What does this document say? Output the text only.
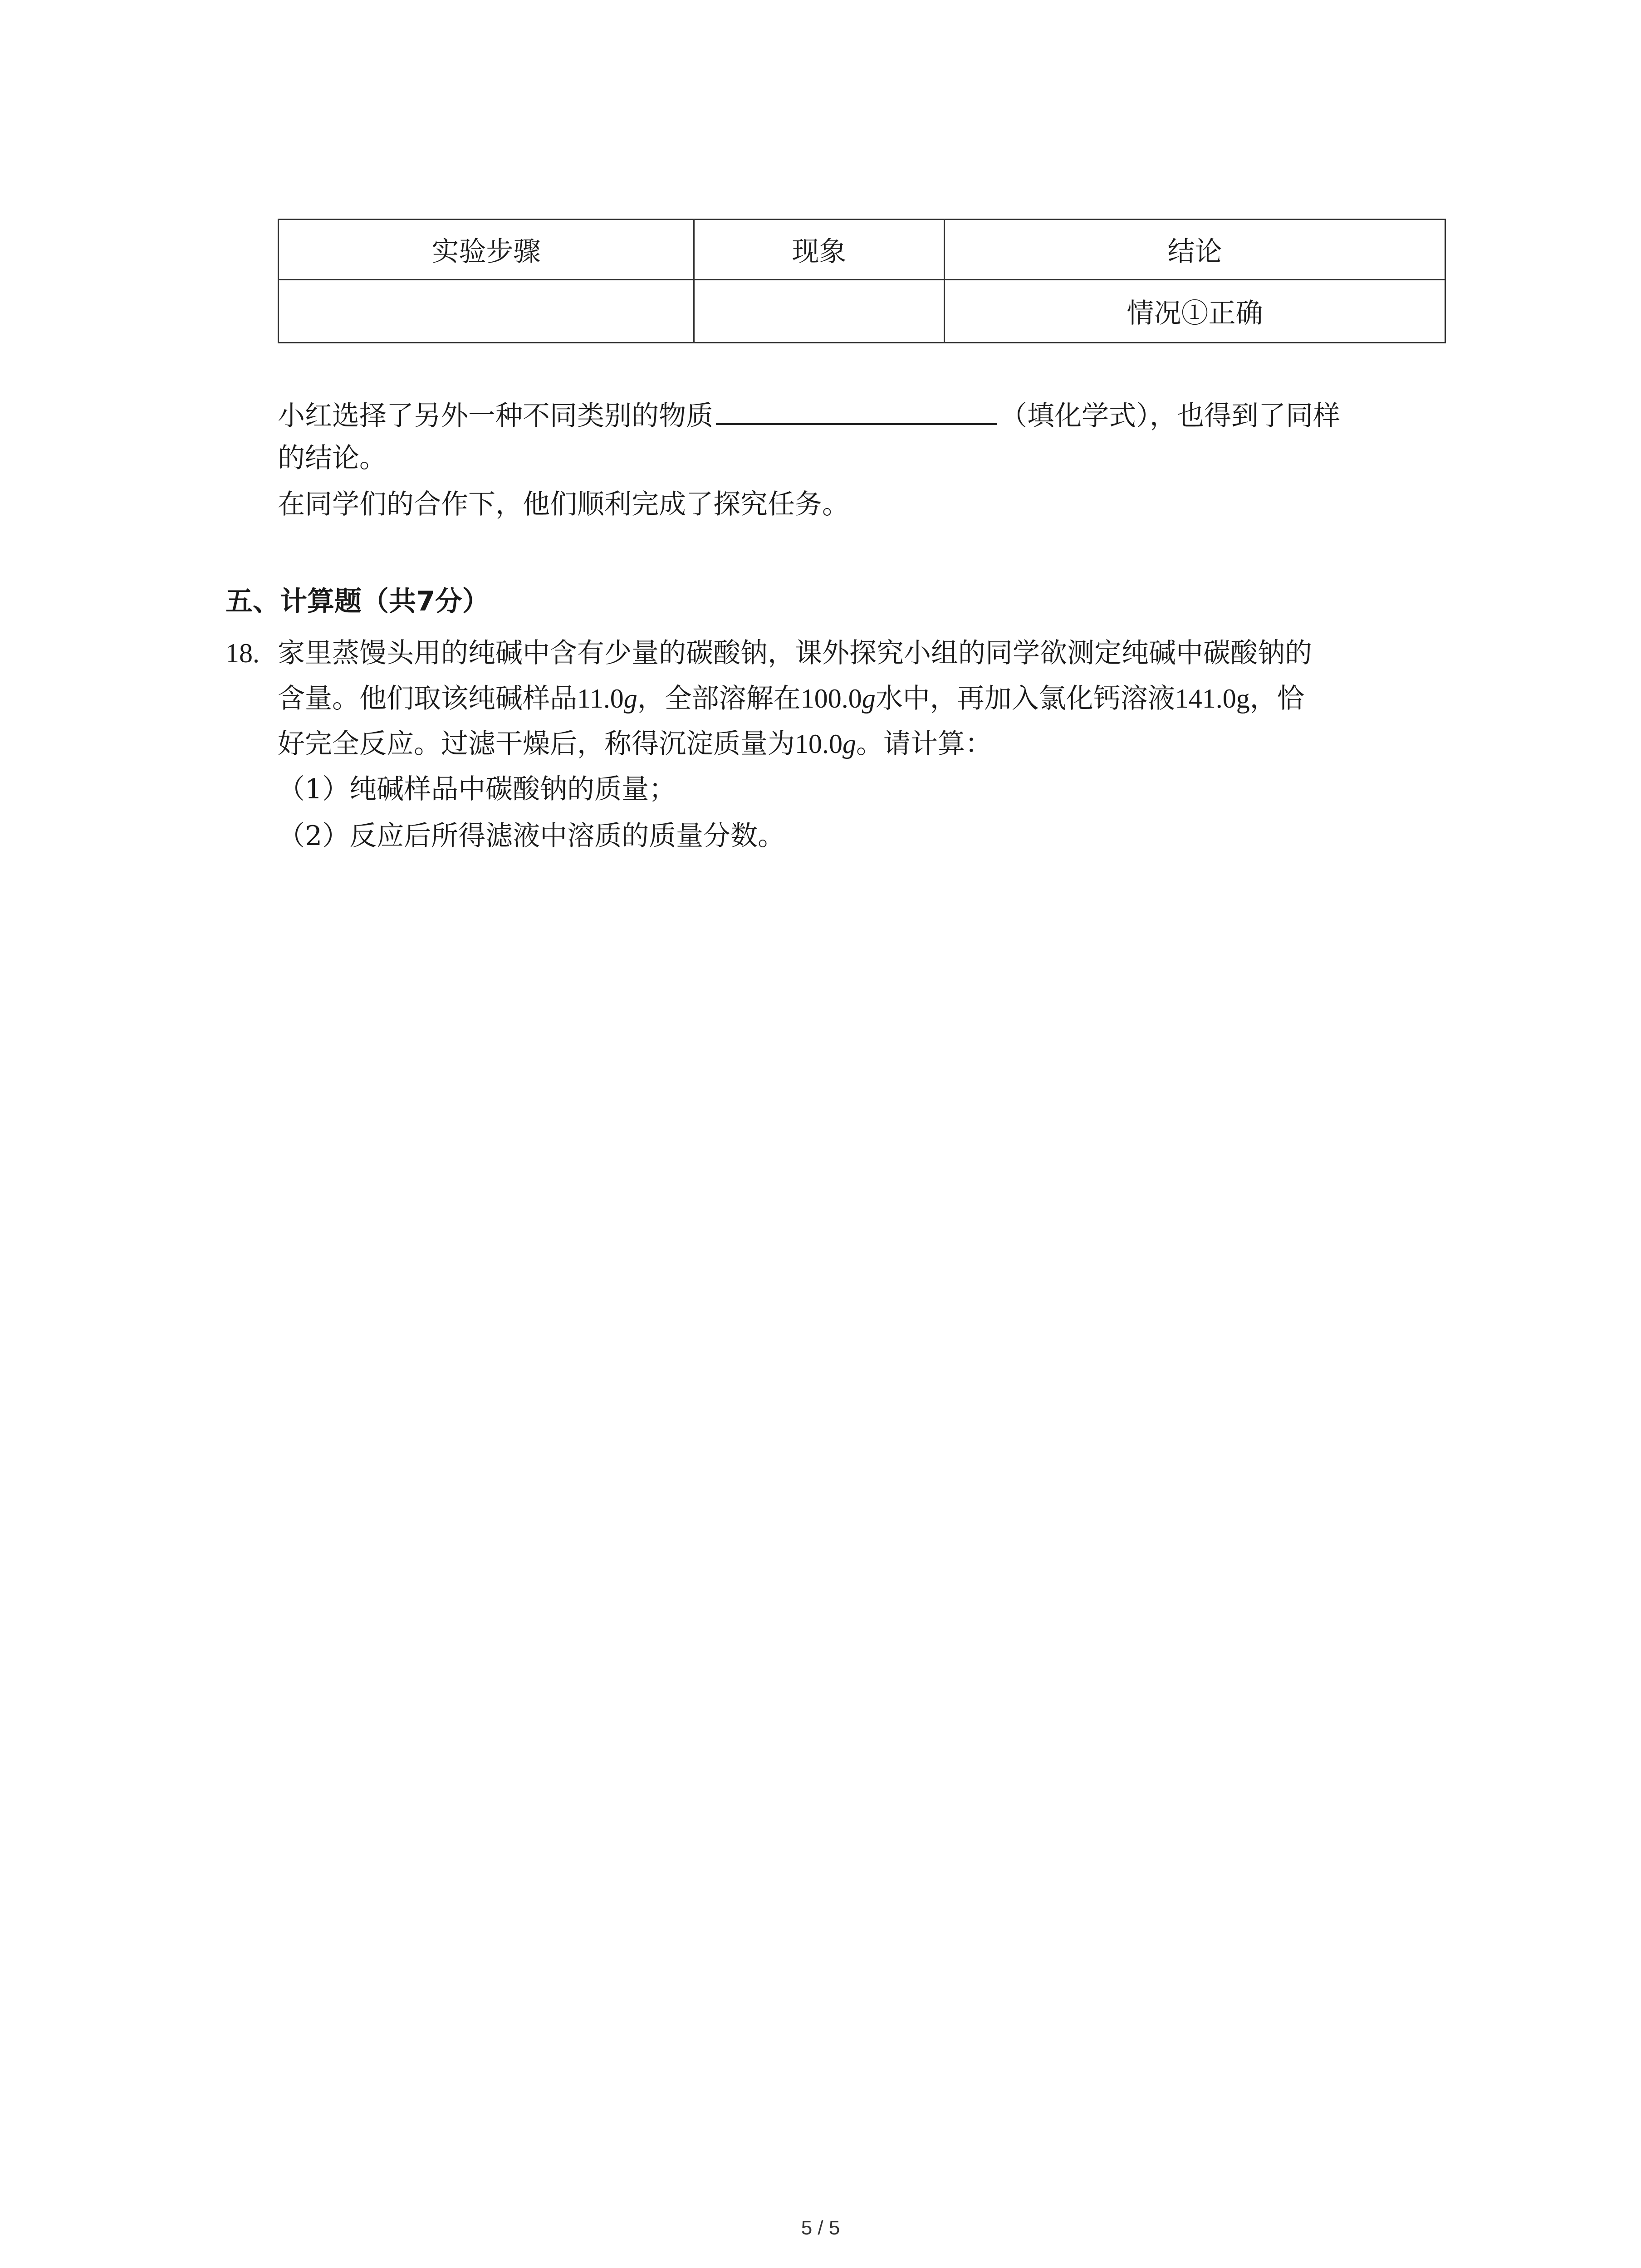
实验步骤	现象	结论
		情况①正确
小红选择了另外一种不同类别的物质	（填化学式），也得到了同样
的结论。
在同学们的合作下，他们顺利完成了探究任务。
五、计算题（共7分）
18. 家里蒸馒头用的纯碱中含有少量的碳酸钠，课外探究小组的同学欲测定纯碱中碳酸钠的
含量。他们取该纯碱样品11.0g，全部溶解在100.0g水中，再加入氯化钙溶液141.0g，恰
好完全反应。过滤干燥后，称得沉淀质量为10.0g。请计算：
（1）纯碱样品中碳酸钠的质量；
（2）反应后所得滤液中溶质的质量分数。
5 / 5
